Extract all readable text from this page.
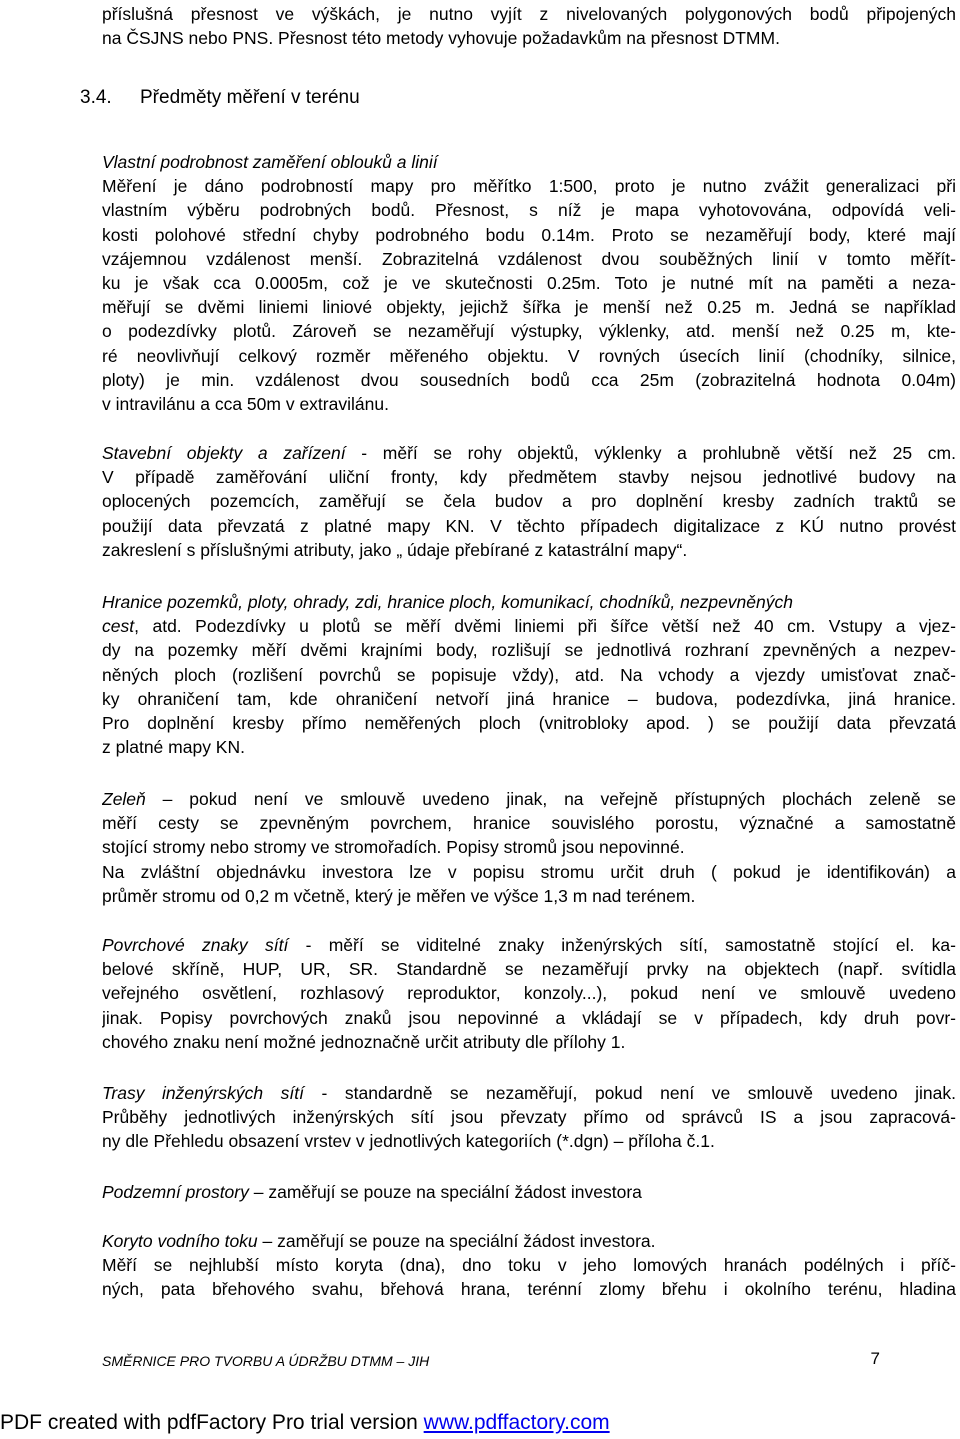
příslušná přesnost ve výškách, je nutno vyjít z nivelovaných polygonových bodů připojených

na ČSJNS nebo PNS. Přesnost této metody vyhovuje požadavkům na přesnost DTMM.

3.4. Předměty měření v terénu

Vlastní podrobnost zaměření oblouků a linií

Měření je dáno podrobností mapy pro měřítko 1:500, proto je nutno zvážit generalizaci při

vlastním výběru podrobných bodů. Přesnost, s níž je mapa vyhotovována, odpovídá veli-

kosti polohové střední chyby podrobného bodu 0.14m. Proto se nezaměřují body, které mají

vzájemnou vzdálenost menší. Zobrazitelná vzdálenost dvou souběžných linií v tomto měřít-

ku je však cca 0.0005m, což je ve skutečnosti 0.25m. Toto je nutné mít na paměti a neza-

měřují se dvěmi liniemi liniové objekty, jejichž šířka je menší než 0.25 m. Jedná se například

o podezdívky plotů. Zároveň se nezaměřují výstupky, výklenky, atd. menší než 0.25 m, kte-

ré neovlivňují celkový rozměr měřeného objektu. V rovných úsecích linií (chodníky, silnice,

ploty) je min. vzdálenost dvou sousedních bodů cca 25m (zobrazitelná hodnota 0.04m)

v intravilánu a cca 50m v extravilánu.

Stavební objekty a zařízení - měří se rohy objektů, výklenky a prohlubně větší než 25 cm.

V případě zaměřování uliční fronty, kdy předmětem stavby nejsou jednotlivé budovy na

oplocených pozemcích, zaměřují se čela budov a pro doplnění kresby zadních traktů se

použijí data převzatá z platné mapy KN. V těchto případech digitalizace z KÚ nutno provést

zakreslení s příslušnými atributy, jako „ údaje přebírané z katastrální mapy“.

Hranice pozemků, ploty, ohrady, zdi, hranice ploch, komunikací, chodníků, nezpevněných

cest, atd. Podezdívky u plotů se měří dvěmi liniemi při šířce větší než 40 cm. Vstupy a vjez-

dy na pozemky měří dvěmi krajními body, rozlišují se jednotlivá rozhraní zpevněných a nezpev-

něných ploch (rozlišení povrchů se popisuje vždy), atd. Na vchody a vjezdy umisťovat znač-

ky ohraničení tam, kde ohraničení netvoří jiná hranice – budova, podezdívka, jiná hranice.

Pro doplnění kresby přímo neměřených ploch (vnitrobloky apod. ) se použijí data převzatá

z platné mapy KN.

Zeleň – pokud není ve smlouvě uvedeno jinak, na veřejně přístupných plochách zeleně se

měří cesty se zpevněným povrchem, hranice souvislého porostu, význačné a samostatně

stojící stromy nebo stromy ve stromořadích. Popisy stromů jsou nepovinné.

Na zvláštní objednávku investora lze v popisu stromu určit druh ( pokud je identifikován) a

průměr stromu od 0,2 m včetně, který je měřen ve výšce 1,3 m nad terénem.

Povrchové znaky sítí - měří se viditelné znaky inženýrských sítí, samostatně stojící el. ka-

belové skříně, HUP, UR, SR. Standardně se nezaměřují prvky na objektech (např. svítidla

veřejného osvětlení, rozhlasový reproduktor, konzoly...), pokud není ve smlouvě uvedeno

jinak. Popisy povrchových znaků jsou nepovinné a vkládají se v případech, kdy druh povr-

chového znaku není možné jednoznačně určit atributy dle přílohy 1.

Trasy inženýrských sítí - standardně se nezaměřují, pokud není ve smlouvě uvedeno jinak.

Průběhy jednotlivých inženýrských sítí jsou převzaty přímo od správců IS a jsou zapracová-

ny dle Přehledu obsazení vrstev v jednotlivých kategoriích (*.dgn) – příloha č.1.

Podzemní prostory – zaměřují se pouze na speciální žádost investora

Koryto vodního toku – zaměřují se pouze na speciální žádost investora.

Měří se nejhlubší místo koryta (dna), dno toku v jeho lomových hranách podélných i příč-

ných, pata břehového svahu, břehová hrana, terénní zlomy břehu i okolního terénu, hladina

SMĚRNICE PRO TVORBU A ÚDRŽBU DTMM – JIH	7
PDF created with pdfFactory Pro trial version www.pdffactory.com
